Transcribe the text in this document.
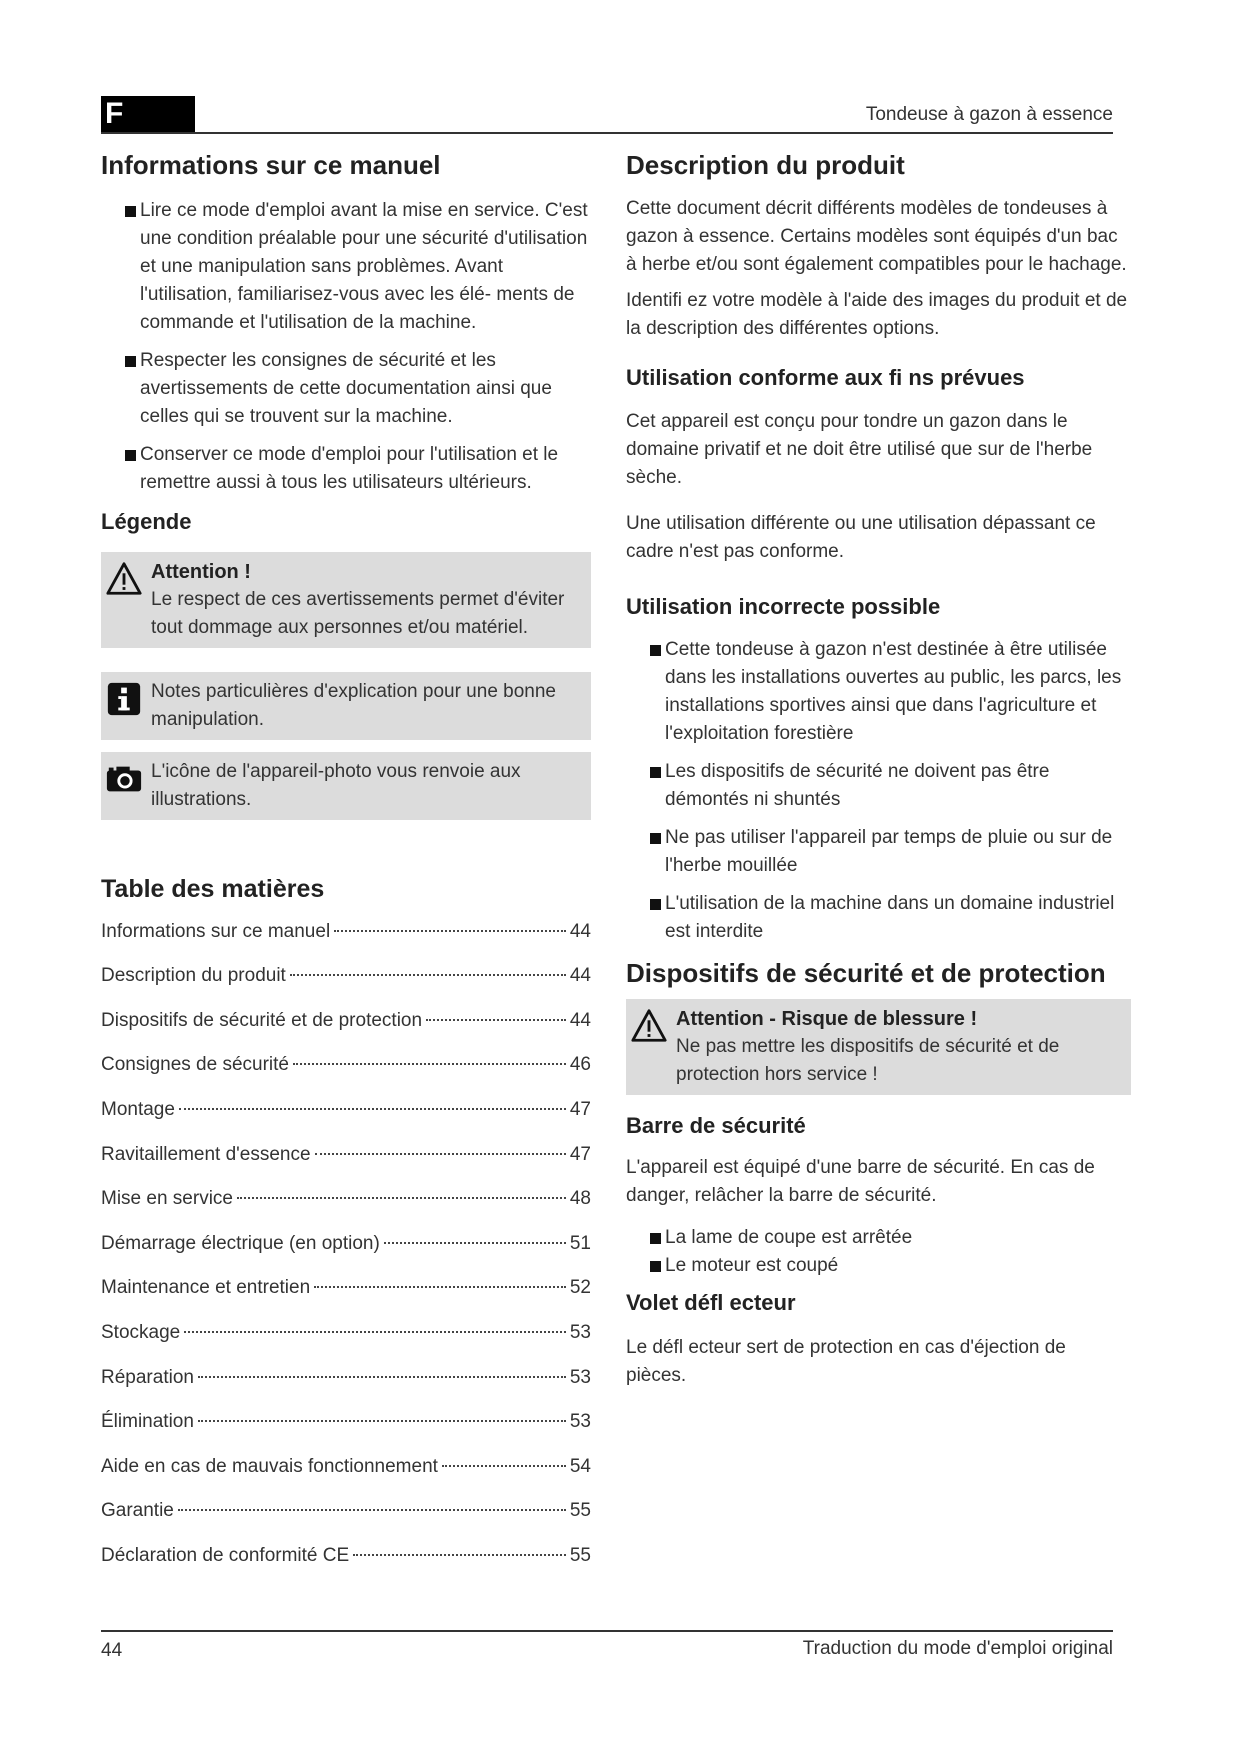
F	Tondeuse à gazon à essence
Informations sur ce manuel
Lire ce mode d'emploi avant la mise en service. C'est une condition préalable pour une sécurité d'utilisation et une manipulation sans problèmes. Avant l'utilisation, familiarisez-vous avec les élé- ments de commande et l'utilisation de la machine.
Respecter les consignes de sécurité et les avertissements de cette documentation ainsi que celles qui se trouvent sur la machine.
Conserver ce mode d'emploi pour l'utilisation et le remettre aussi à tous les utilisateurs ultérieurs.
Légende
Attention !
Le respect de ces avertissements permet d'éviter tout dommage aux personnes et/ou matériel.
Notes particulières d'explication pour une bonne manipulation.
L'icône de l'appareil-photo vous renvoie aux illustrations.
Table des matières
Informations sur ce manuel	44
Description du produit	44
Dispositifs de sécurité et de protection	44
Consignes de sécurité	46
Montage	47
Ravitaillement d'essence	47
Mise en service	48
Démarrage électrique (en option)	51
Maintenance et entretien	52
Stockage	53
Réparation	53
Élimination	53
Aide en cas de mauvais fonctionnement	54
Garantie	55
Déclaration de conformité CE	55
Description du produit

Cette document décrit différents modèles de tondeuses à gazon à essence. Certains modèles sont équipés d'un bac à herbe et/ou sont également compatibles pour le hachage.

Identifi ez votre modèle à l'aide des images du produit et de la description des différentes options.

Utilisation conforme aux fi ns prévues

Cet appareil est conçu pour tondre un gazon dans le domaine privatif et ne doit être utilisé que sur de l'herbe sèche.

Une utilisation différente ou une utilisation dépassant ce cadre n'est pas conforme.

Utilisation incorrecte possible
Cette tondeuse à gazon n'est destinée à être utilisée dans les installations ouvertes au public, les parcs, les installations sportives ainsi que dans l'agriculture et l'exploitation forestière
Les dispositifs de sécurité ne doivent pas être démontés ni shuntés
Ne pas utiliser l'appareil par temps de pluie ou sur de l'herbe mouillée
L'utilisation de la machine dans un domaine industriel est interdite
Dispositifs de sécurité et de protection
Attention - Risque de blessure !
Ne pas mettre les dispositifs de sécurité et de protection hors service !
Barre de sécurité

L'appareil est équipé d'une barre de sécurité. En cas de danger, relâcher la barre de sécurité.

La lame de coupe est arrêtée
Le moteur est coupé
Volet défl ecteur

Le défl ecteur sert de protection en cas d'éjection de pièces.

44	Traduction du mode d'emploi original
